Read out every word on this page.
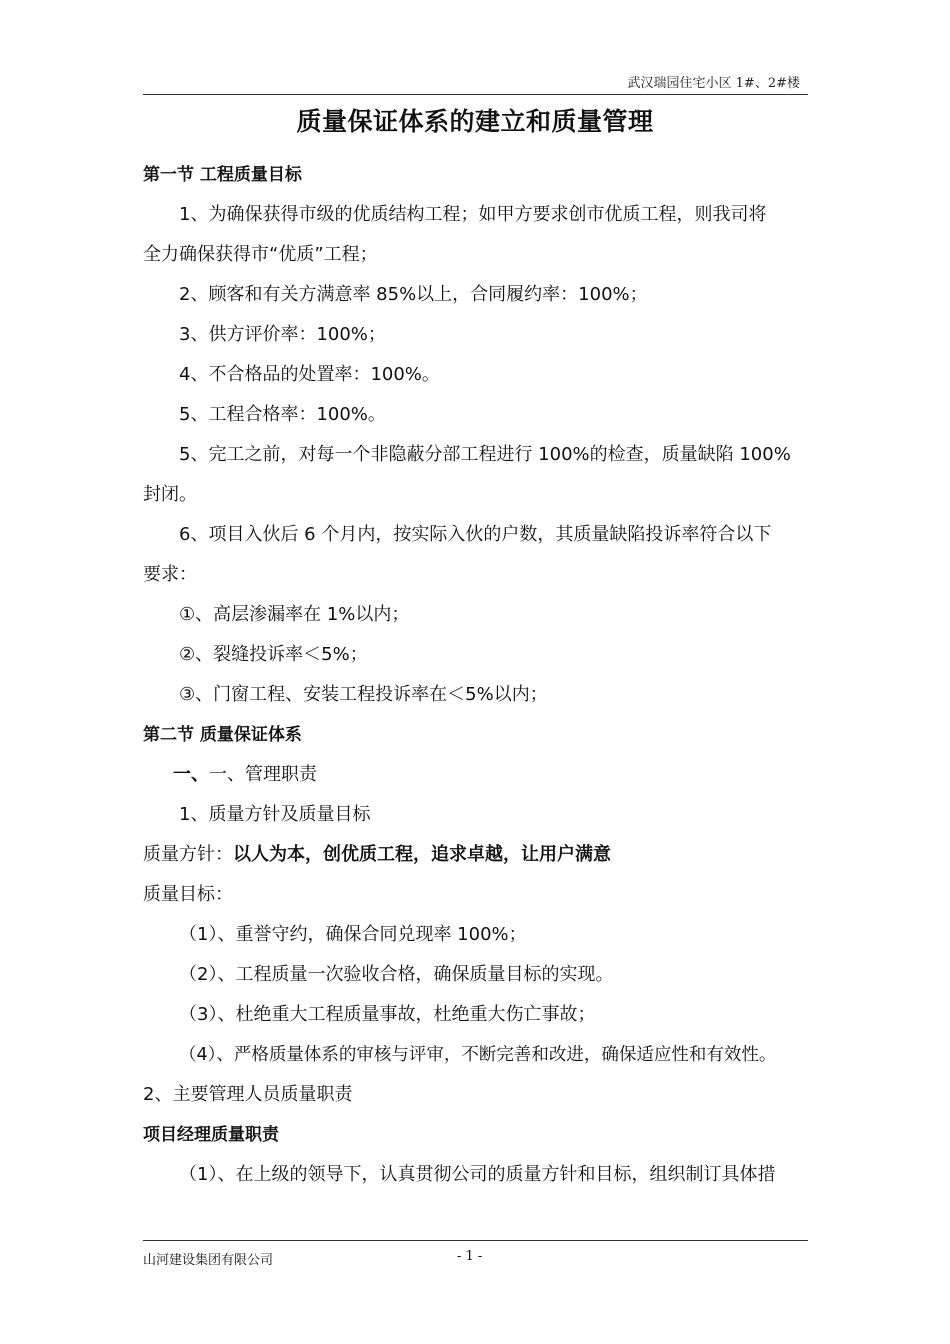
武汉瑞园住宅小区 1#、2#楼
质量保证体系的建立和质量管理

第一节 工程质量目标

1、为确保获得市级的优质结构工程；如甲方要求创市优质工程，则我司将

全力确保获得市“优质”工程；

2、顾客和有关方满意率 85%以上，合同履约率：100%；

3、供方评价率：100%；

4、不合格品的处置率：100%。

5、工程合格率：100%。

5、完工之前，对每一个非隐蔽分部工程进行 100%的检查，质量缺陷 100%

封闭。

6、项目入伙后 6 个月内，按实际入伙的户数，其质量缺陷投诉率符合以下

要求：

①、高层渗漏率在 1%以内；

②、裂缝投诉率＜5%；

③、门窗工程、安装工程投诉率在＜5%以内；

第二节 质量保证体系

一、一、管理职责

1、质量方针及质量目标

质量方针：以人为本，创优质工程，追求卓越，让用户满意

质量目标：

（1）、重誉守约，确保合同兑现率 100%；

（2）、工程质量一次验收合格，确保质量目标的实现。

（3）、杜绝重大工程质量事故，杜绝重大伤亡事故；

（4）、严格质量体系的审核与评审，不断完善和改进，确保适应性和有效性。

2、主要管理人员质量职责

项目经理质量职责

（1）、在上级的领导下，认真贯彻公司的质量方针和目标，组织制订具体措

山河建设集团有限公司	- 1 -
